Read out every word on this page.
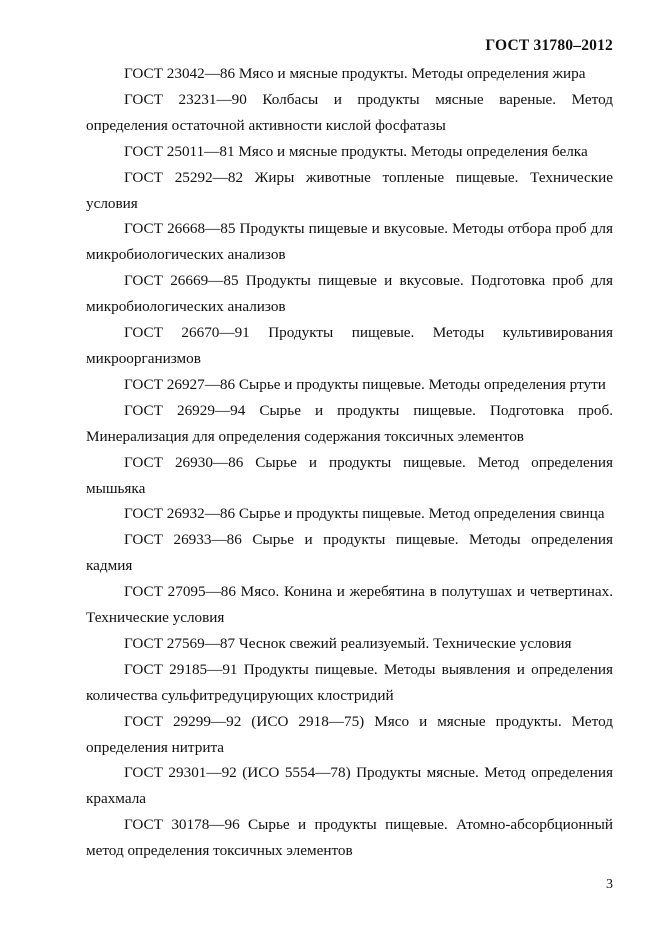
ГОСТ 31780–2012
ГОСТ 23042—86 Мясо и мясные продукты. Методы определения жира
ГОСТ 23231—90 Колбасы и продукты мясные вареные. Метод определения остаточной активности кислой фосфатазы
ГОСТ 25011—81 Мясо и мясные продукты. Методы определения белка
ГОСТ 25292—82 Жиры животные топленые пищевые. Технические условия
ГОСТ 26668—85 Продукты пищевые и вкусовые. Методы отбора проб для микробиологических анализов
ГОСТ 26669—85 Продукты пищевые и вкусовые. Подготовка проб для микробиологических анализов
ГОСТ 26670—91 Продукты пищевые. Методы культивирования микроорганизмов
ГОСТ 26927—86 Сырье и продукты пищевые. Методы определения ртути
ГОСТ 26929—94 Сырье и продукты пищевые. Подготовка проб. Минерализация для определения содержания токсичных элементов
ГОСТ 26930—86 Сырье и продукты пищевые. Метод определения мышьяка
ГОСТ 26932—86 Сырье и продукты пищевые. Метод определения свинца
ГОСТ 26933—86 Сырье и продукты пищевые. Методы определения кадмия
ГОСТ 27095—86 Мясо. Конина и жеребятина в полутушах и четвертинах. Технические условия
ГОСТ 27569—87 Чеснок свежий реализуемый. Технические условия
ГОСТ 29185—91 Продукты пищевые. Методы выявления и определения количества сульфитредуцирующих клостридий
ГОСТ 29299—92 (ИСО 2918—75) Мясо и мясные продукты. Метод определения нитрита
ГОСТ 29301—92 (ИСО 5554—78) Продукты мясные. Метод определения крахмала
ГОСТ 30178—96 Сырье и продукты пищевые. Атомно-абсорбционный метод определения токсичных элементов
3
